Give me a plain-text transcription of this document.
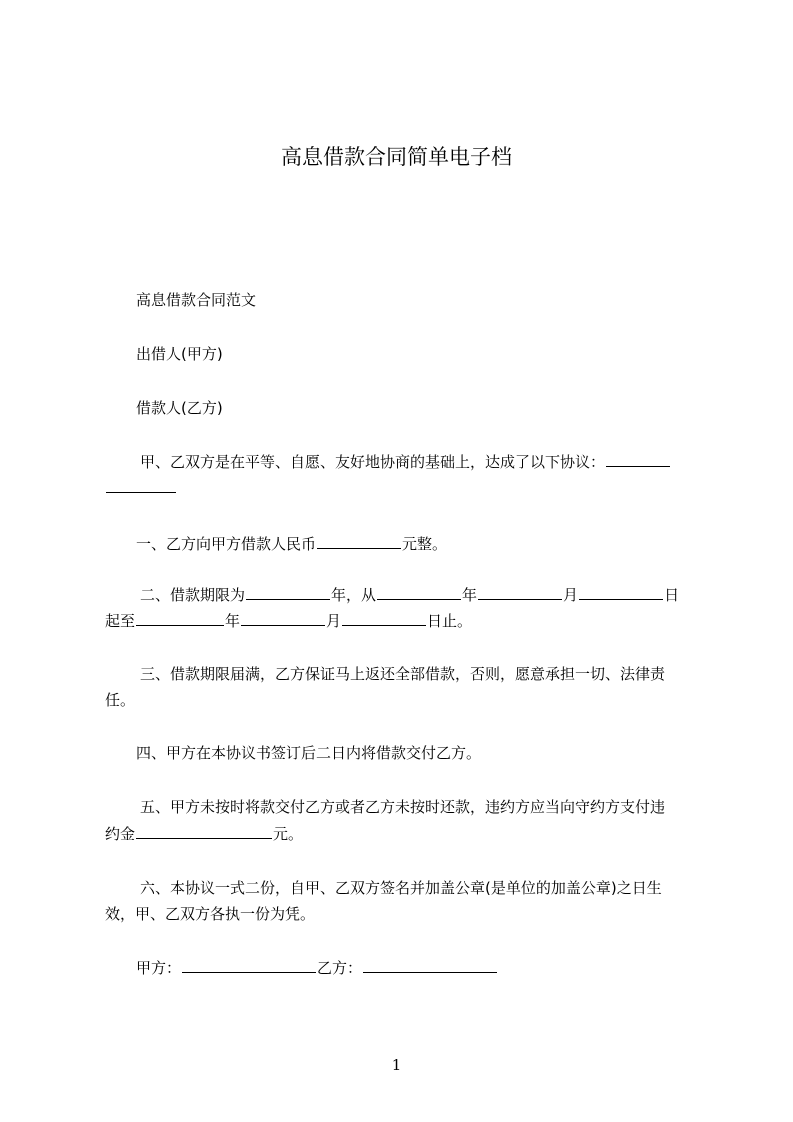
高息借款合同简单电子档
高息借款合同范文
出借人(甲方)
借款人(乙方)
甲、乙双方是在平等、自愿、友好地协商的基础上，达成了以下协议：
一、乙方向甲方借款人民币	元整。
二、借款期限为	年，从	年	月	日
起至	年	月	日止。
三、借款期限届满，乙方保证马上返还全部借款，否则，愿意承担一切、法律责
任。
四、甲方在本协议书签订后二日内将借款交付乙方。
五、甲方未按时将款交付乙方或者乙方未按时还款，违约方应当向守约方支付违
约金	元。
六、本协议一式二份，自甲、乙双方签名并加盖公章(是单位的加盖公章)之日生
效，甲、乙双方各执一份为凭。
甲方：	乙方：
1
